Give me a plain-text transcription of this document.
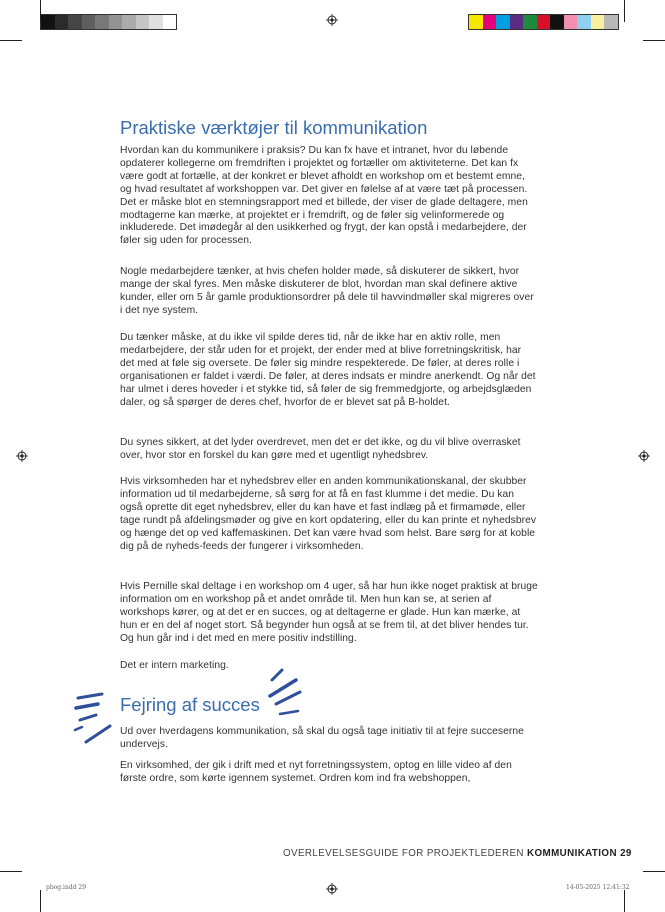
Praktiske værktøjer til kommunikation

Hvordan kan du kommunikere i praksis? Du kan fx have et intranet, hvor du løbende opdaterer kollegerne om fremdriften i projektet og fortæller om aktiviteterne. Det kan fx være godt at fortælle, at der konkret er blevet afholdt en workshop om et bestemt emne, og hvad resultatet af workshoppen var. Det giver en følelse af at være tæt på processen. Det er måske blot en stemningsrapport med et billede, der viser de glade deltagere, men modtagerne kan mærke, at projektet er i fremdrift, og de føler sig velinformerede og inkluderede. Det imødegår al den usikkerhed og frygt, der kan opstå i medarbejdere, der føler sig uden for processen.

Nogle medarbejdere tænker, at hvis chefen holder møde, så diskuterer de sikkert, hvor mange der skal fyres. Men måske diskuterer de blot, hvordan man skal definere aktive kunder, eller om 5 år gamle produktionsordrer på dele til havvindmøller skal migreres over i det nye system.

Du tænker måske, at du ikke vil spilde deres tid, når de ikke har en aktiv rolle, men medarbejdere, der står uden for et projekt, der ender med at blive forretningskritisk, har det med at føle sig oversete. De føler sig mindre respekterede. De føler, at deres rolle i organisationen er faldet i værdi. De føler, at deres indsats er mindre anerkendt. Og når det har ulmet i deres hoveder i et stykke tid, så føler de sig fremmedgjorte, og arbejdsglæden daler, og så spørger de deres chef, hvorfor de er blevet sat på B-holdet.

Du synes sikkert, at det lyder overdrevet, men det er det ikke, og du vil blive overrasket over, hvor stor en forskel du kan gøre med et ugentligt nyhedsbrev.

Hvis virksomheden har et nyhedsbrev eller en anden kommunikationskanal, der skubber information ud til medarbejderne, så sørg for at få en fast klumme i det medie. Du kan også oprette dit eget nyhedsbrev, eller du kan have et fast indlæg på et firmamøde, eller tage rundt på afdelingsmøder og give en kort opdatering, eller du kan printe et nyhedsbrev og hænge det op ved kaffemaskinen. Det kan være hvad som helst. Bare sørg for at koble dig på de nyheds-feeds der fungerer i virksomheden.

Hvis Pernille skal deltage i en workshop om 4 uger, så har hun ikke noget praktisk at bruge information om en workshop på et andet område til. Men hun kan se, at serien af workshops kører, og at det er en succes, og at deltagerne er glade. Hun kan mærke, at hun er en del af noget stort. Så begynder hun også at se frem til, at det bliver hendes tur. Og hun går ind i det med en mere positiv indstilling.

Det er intern marketing.

Fejring af succes

Ud over hverdagens kommunikation, så skal du også tage initiativ til at fejre succeserne undervejs.

En virksomhed, der gik i drift med et nyt forretningssystem, optog en lille video af den første ordre, som kørte igennem systemet. Ordren kom ind fra webshoppen,

OVERLEVELSESGUIDE FOR PROJEKTLEDEREN KOMMUNIKATION 29
pbog.indd 29	14-05-2025 12:41:32
